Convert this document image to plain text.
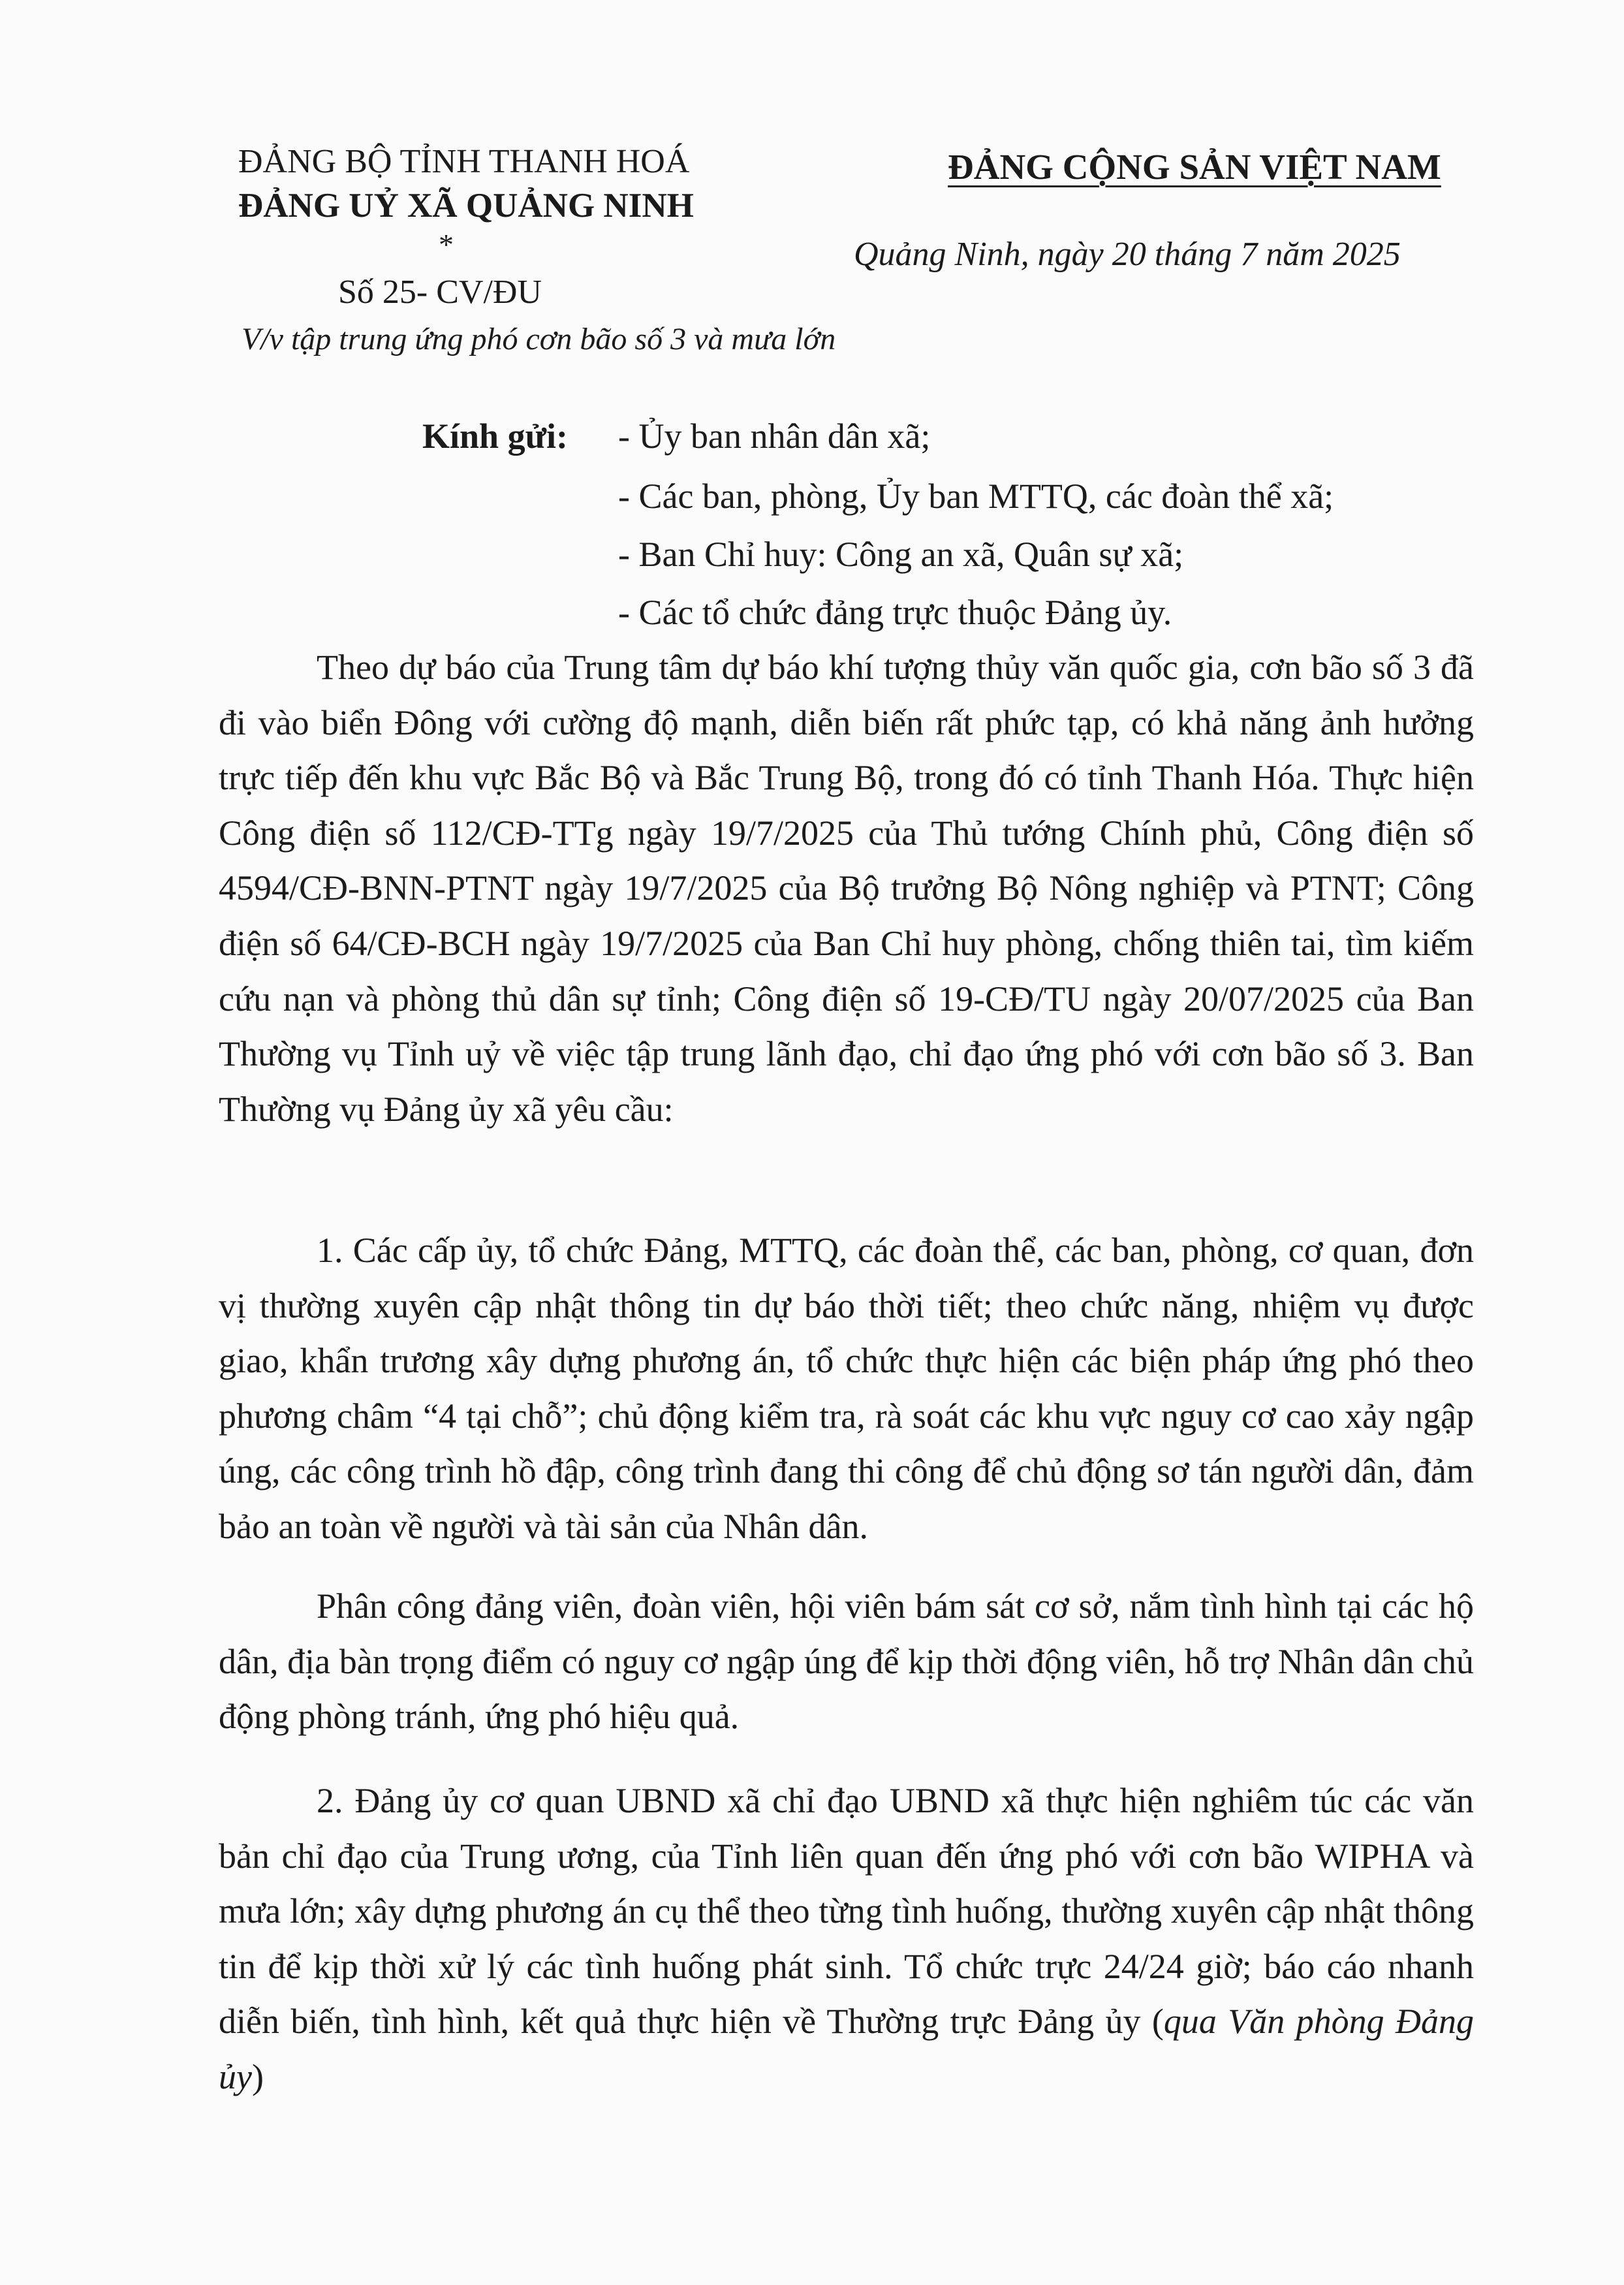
ĐẢNG BỘ TỈNH THANH HOÁ
ĐẢNG UỶ XÃ QUẢNG NINH
*
Số 25- CV/ĐU
V/v tập trung ứng phó cơn bão số 3 và mưa lớn
ĐẢNG CỘNG SẢN VIỆT NAM
Quảng Ninh, ngày 20 tháng 7 năm 2025
Kính gửi: - Ủy ban nhân dân xã;
- Các ban, phòng, Ủy ban MTTQ, các đoàn thể xã;
- Ban Chỉ huy: Công an xã, Quân sự xã;
- Các tổ chức đảng trực thuộc Đảng ủy.

Theo dự báo của Trung tâm dự báo khí tượng thủy văn quốc gia, cơn bão số 3 đã đi vào biển Đông với cường độ mạnh, diễn biến rất phức tạp, có khả năng ảnh hưởng trực tiếp đến khu vực Bắc Bộ và Bắc Trung Bộ, trong đó có tỉnh Thanh Hóa. Thực hiện Công điện số 112/CĐ-TTg ngày 19/7/2025 của Thủ tướng Chính phủ, Công điện số 4594/CĐ-BNN-PTNT ngày 19/7/2025 của Bộ trưởng Bộ Nông nghiệp và PTNT; Công điện số 64/CĐ-BCH ngày 19/7/2025 của Ban Chỉ huy phòng, chống thiên tai, tìm kiếm cứu nạn và phòng thủ dân sự tỉnh; Công điện số 19-CĐ/TU ngày 20/07/2025 của Ban Thường vụ Tỉnh uỷ về việc tập trung lãnh đạo, chỉ đạo ứng phó với cơn bão số 3. Ban Thường vụ Đảng ủy xã yêu cầu:

1. Các cấp ủy, tổ chức Đảng, MTTQ, các đoàn thể, các ban, phòng, cơ quan, đơn vị thường xuyên cập nhật thông tin dự báo thời tiết; theo chức năng, nhiệm vụ được giao, khẩn trương xây dựng phương án, tổ chức thực hiện các biện pháp ứng phó theo phương châm “4 tại chỗ”; chủ động kiểm tra, rà soát các khu vực nguy cơ cao xảy ngập úng, các công trình hồ đập, công trình đang thi công để chủ động sơ tán người dân, đảm bảo an toàn về người và tài sản của Nhân dân.

Phân công đảng viên, đoàn viên, hội viên bám sát cơ sở, nắm tình hình tại các hộ dân, địa bàn trọng điểm có nguy cơ ngập úng để kịp thời động viên, hỗ trợ Nhân dân chủ động phòng tránh, ứng phó hiệu quả.

2. Đảng ủy cơ quan UBND xã chỉ đạo UBND xã thực hiện nghiêm túc các văn bản chỉ đạo của Trung ương, của Tỉnh liên quan đến ứng phó với cơn bão WIPHA và mưa lớn; xây dựng phương án cụ thể theo từng tình huống, thường xuyên cập nhật thông tin để kịp thời xử lý các tình huống phát sinh. Tổ chức trực 24/24 giờ; báo cáo nhanh diễn biến, tình hình, kết quả thực hiện về Thường trực Đảng ủy (qua Văn phòng Đảng ủy)
